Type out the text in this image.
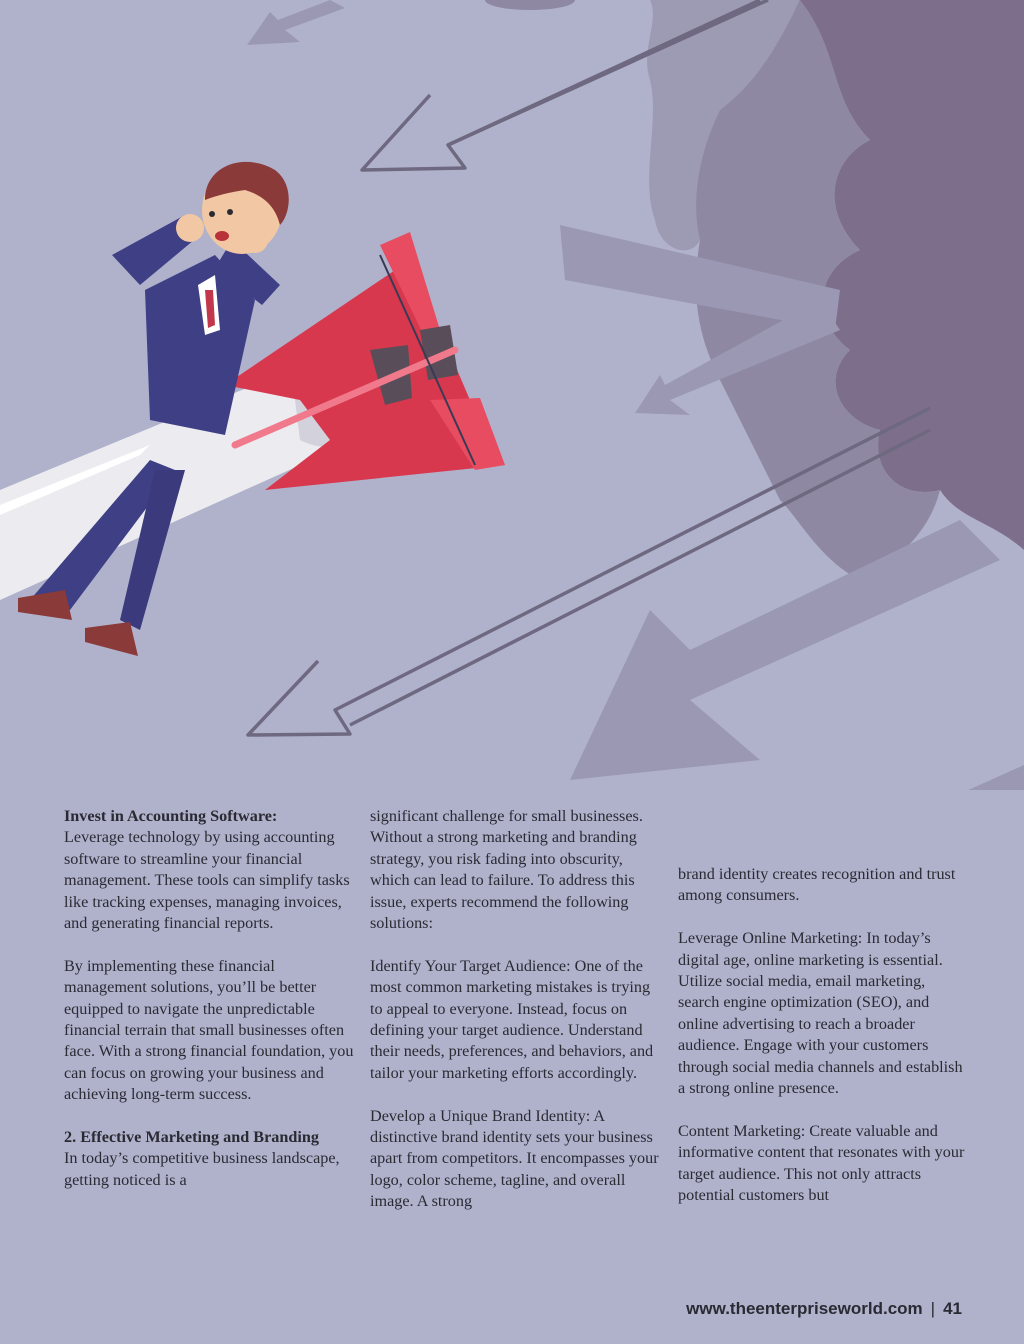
Invest in Accounting Software:
Leverage technology by using accounting software to streamline your financial management. These tools can simplify tasks like tracking expenses, managing invoices, and generating financial reports.

By implementing these financial management solutions, you’ll be better equipped to navigate the unpredictable financial terrain that small businesses often face. With a strong financial foundation, you can focus on growing your business and achieving long-term success.

2. Effective Marketing and Branding
In today’s competitive business landscape, getting noticed is a

significant challenge for small businesses. Without a strong marketing and branding strategy, you risk fading into obscurity, which can lead to failure. To address this issue, experts recommend the following solutions:

Identify Your Target Audience: One of the most common marketing mistakes is trying to appeal to everyone. Instead, focus on defining your target audience. Understand their needs, preferences, and behaviors, and tailor your marketing efforts accordingly.

Develop a Unique Brand Identity: A distinctive brand identity sets your business apart from competitors. It encompasses your logo, color scheme, tagline, and overall image. A strong

brand identity creates recognition and trust among consumers.

Leverage Online Marketing: In today’s digital age, online marketing is essential. Utilize social media, email marketing, search engine optimization (SEO), and online advertising to reach a broader audience. Engage with your customers through social media channels and establish a strong online presence.

Content Marketing: Create valuable and informative content that resonates with your target audience. This not only attracts potential customers but

www.theenterpriseworld.com | 41
